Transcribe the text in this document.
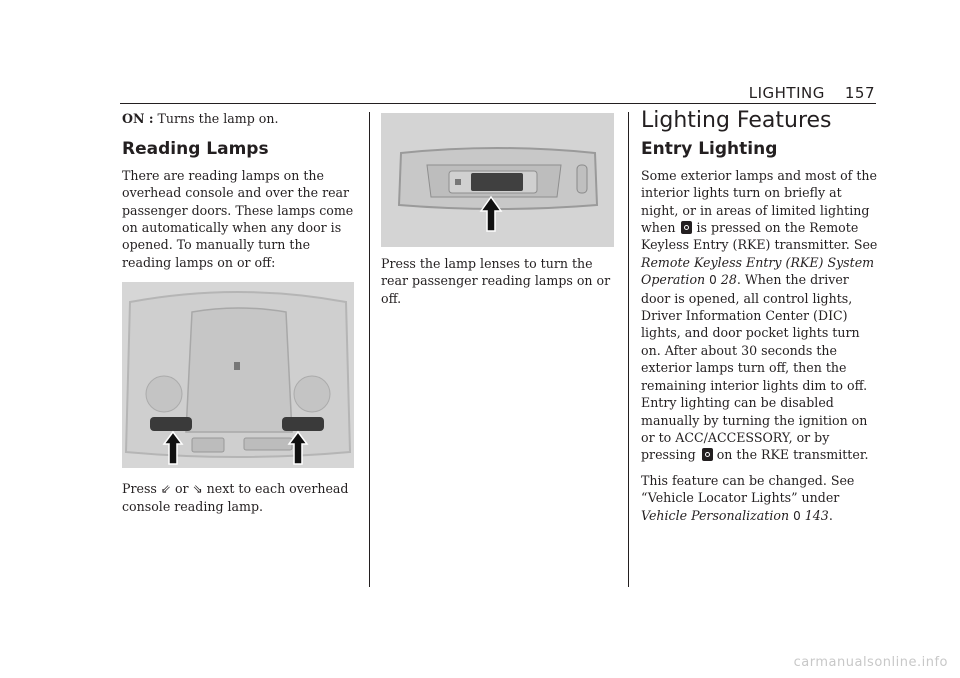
LIGHTING 157

ON : Turns the lamp on.

Reading Lamps

There are reading lamps on the overhead console and over the rear passenger doors. These lamps come on automatically when any door is opened. To manually turn the reading lamps on or off:

Press ⇙ or ⇘ next to each overhead console reading lamp.

Press the lamp lenses to turn the rear passenger reading lamps on or off.

Lighting Features
Entry Lighting

Some exterior lamps and most of the interior lights turn on briefly at night, or in areas of limited lighting when is pressed on the Remote Keyless Entry (RKE) transmitter. See Remote Keyless Entry (RKE) System Operation 0 28. When the driver door is opened, all control lights, Driver Information Center (DIC) lights, and door pocket lights turn on. After about 30 seconds the exterior lamps turn off, then the remaining interior lights dim to off. Entry lighting can be disabled manually by turning the ignition on or to ACC/ACCESSORY, or by pressing on the RKE transmitter.

This feature can be changed. See “Vehicle Locator Lights” under Vehicle Personalization 0 143.

carmanualsonline.info
